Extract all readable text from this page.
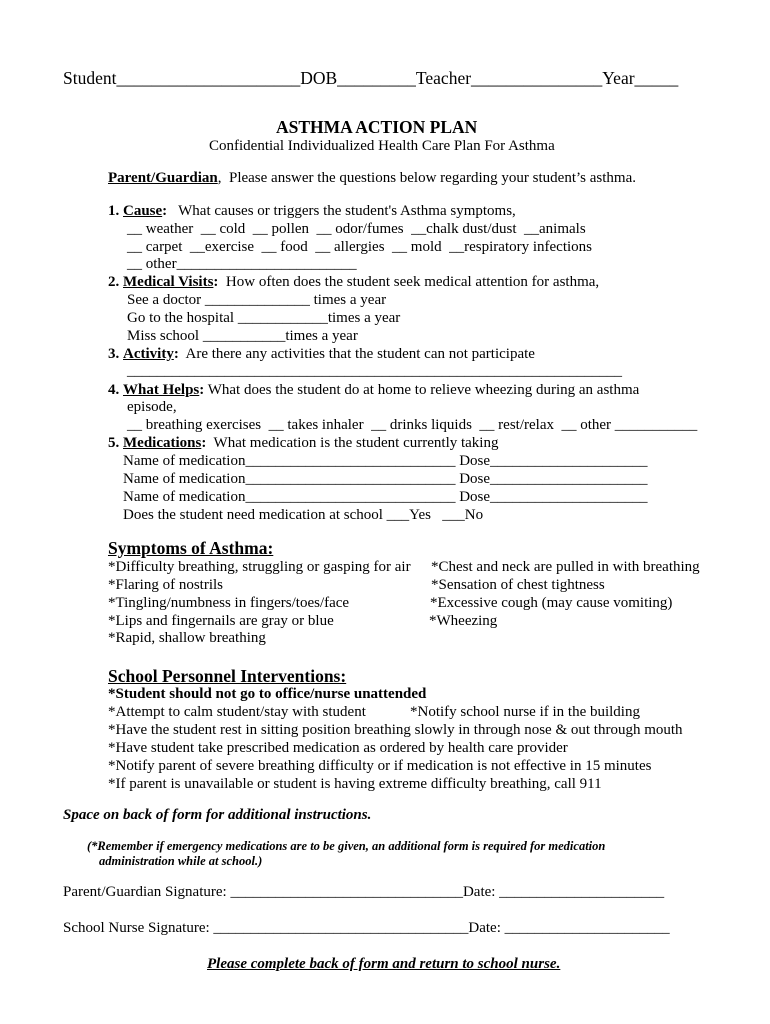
Student_____________________DOB_________Teacher_______________Year_____
ASTHMA ACTION PLAN
Confidential Individualized Health Care Plan For Asthma
Parent/Guardian,  Please answer the questions below regarding your student’s asthma.
1. Cause:   What causes or triggers the student's Asthma symptoms,
__ weather  __ cold  __ pollen  __ odor/fumes  __chalk dust/dust  __animals
__ carpet  __exercise  __ food  __ allergies  __ mold  __respiratory infections
__ other________________________
2. Medical Visits:  How often does the student seek medical attention for asthma,
See a doctor ______________ times a year
Go to the hospital ____________times a year
Miss school ___________times a year
3. Activity:  Are there any activities that the student can not participate
__________________________________________________________________
4. What Helps: What does the student do at home to relieve wheezing during an asthma
episode,
__ breathing exercises  __ takes inhaler  __ drinks liquids  __ rest/relax  __ other ___________
5. Medications:  What medication is the student currently taking
Name of medication____________________________ Dose_____________________
Name of medication____________________________ Dose_____________________
Name of medication____________________________ Dose_____________________
Does the student need medication at school ___Yes   ___No
Symptoms of Asthma:
*Difficulty breathing, struggling or gasping for air
*Flaring of nostrils
*Tingling/numbness in fingers/toes/face
*Lips and fingernails are gray or blue
*Rapid, shallow breathing
*Chest and neck are pulled in with breathing
*Sensation of chest tightness
*Excessive cough (may cause vomiting)
*Wheezing
School Personnel Interventions:
*Student should not go to office/nurse unattended
*Attempt to calm student/stay with student	*Notify school nurse if in the building
*Have the student rest in sitting position breathing slowly in through nose & out through mouth
*Have student take prescribed medication as ordered by health care provider
*Notify parent of severe breathing difficulty or if medication is not effective in 15 minutes
*If parent is unavailable or student is having extreme difficulty breathing, call 911
Space on back of form for additional instructions.
(*Remember if emergency medications are to be given, an additional form is required for medication
administration while at school.)
Parent/Guardian Signature: _______________________________Date: ______________________
School Nurse Signature: __________________________________Date: ______________________
Please complete back of form and return to school nurse.
